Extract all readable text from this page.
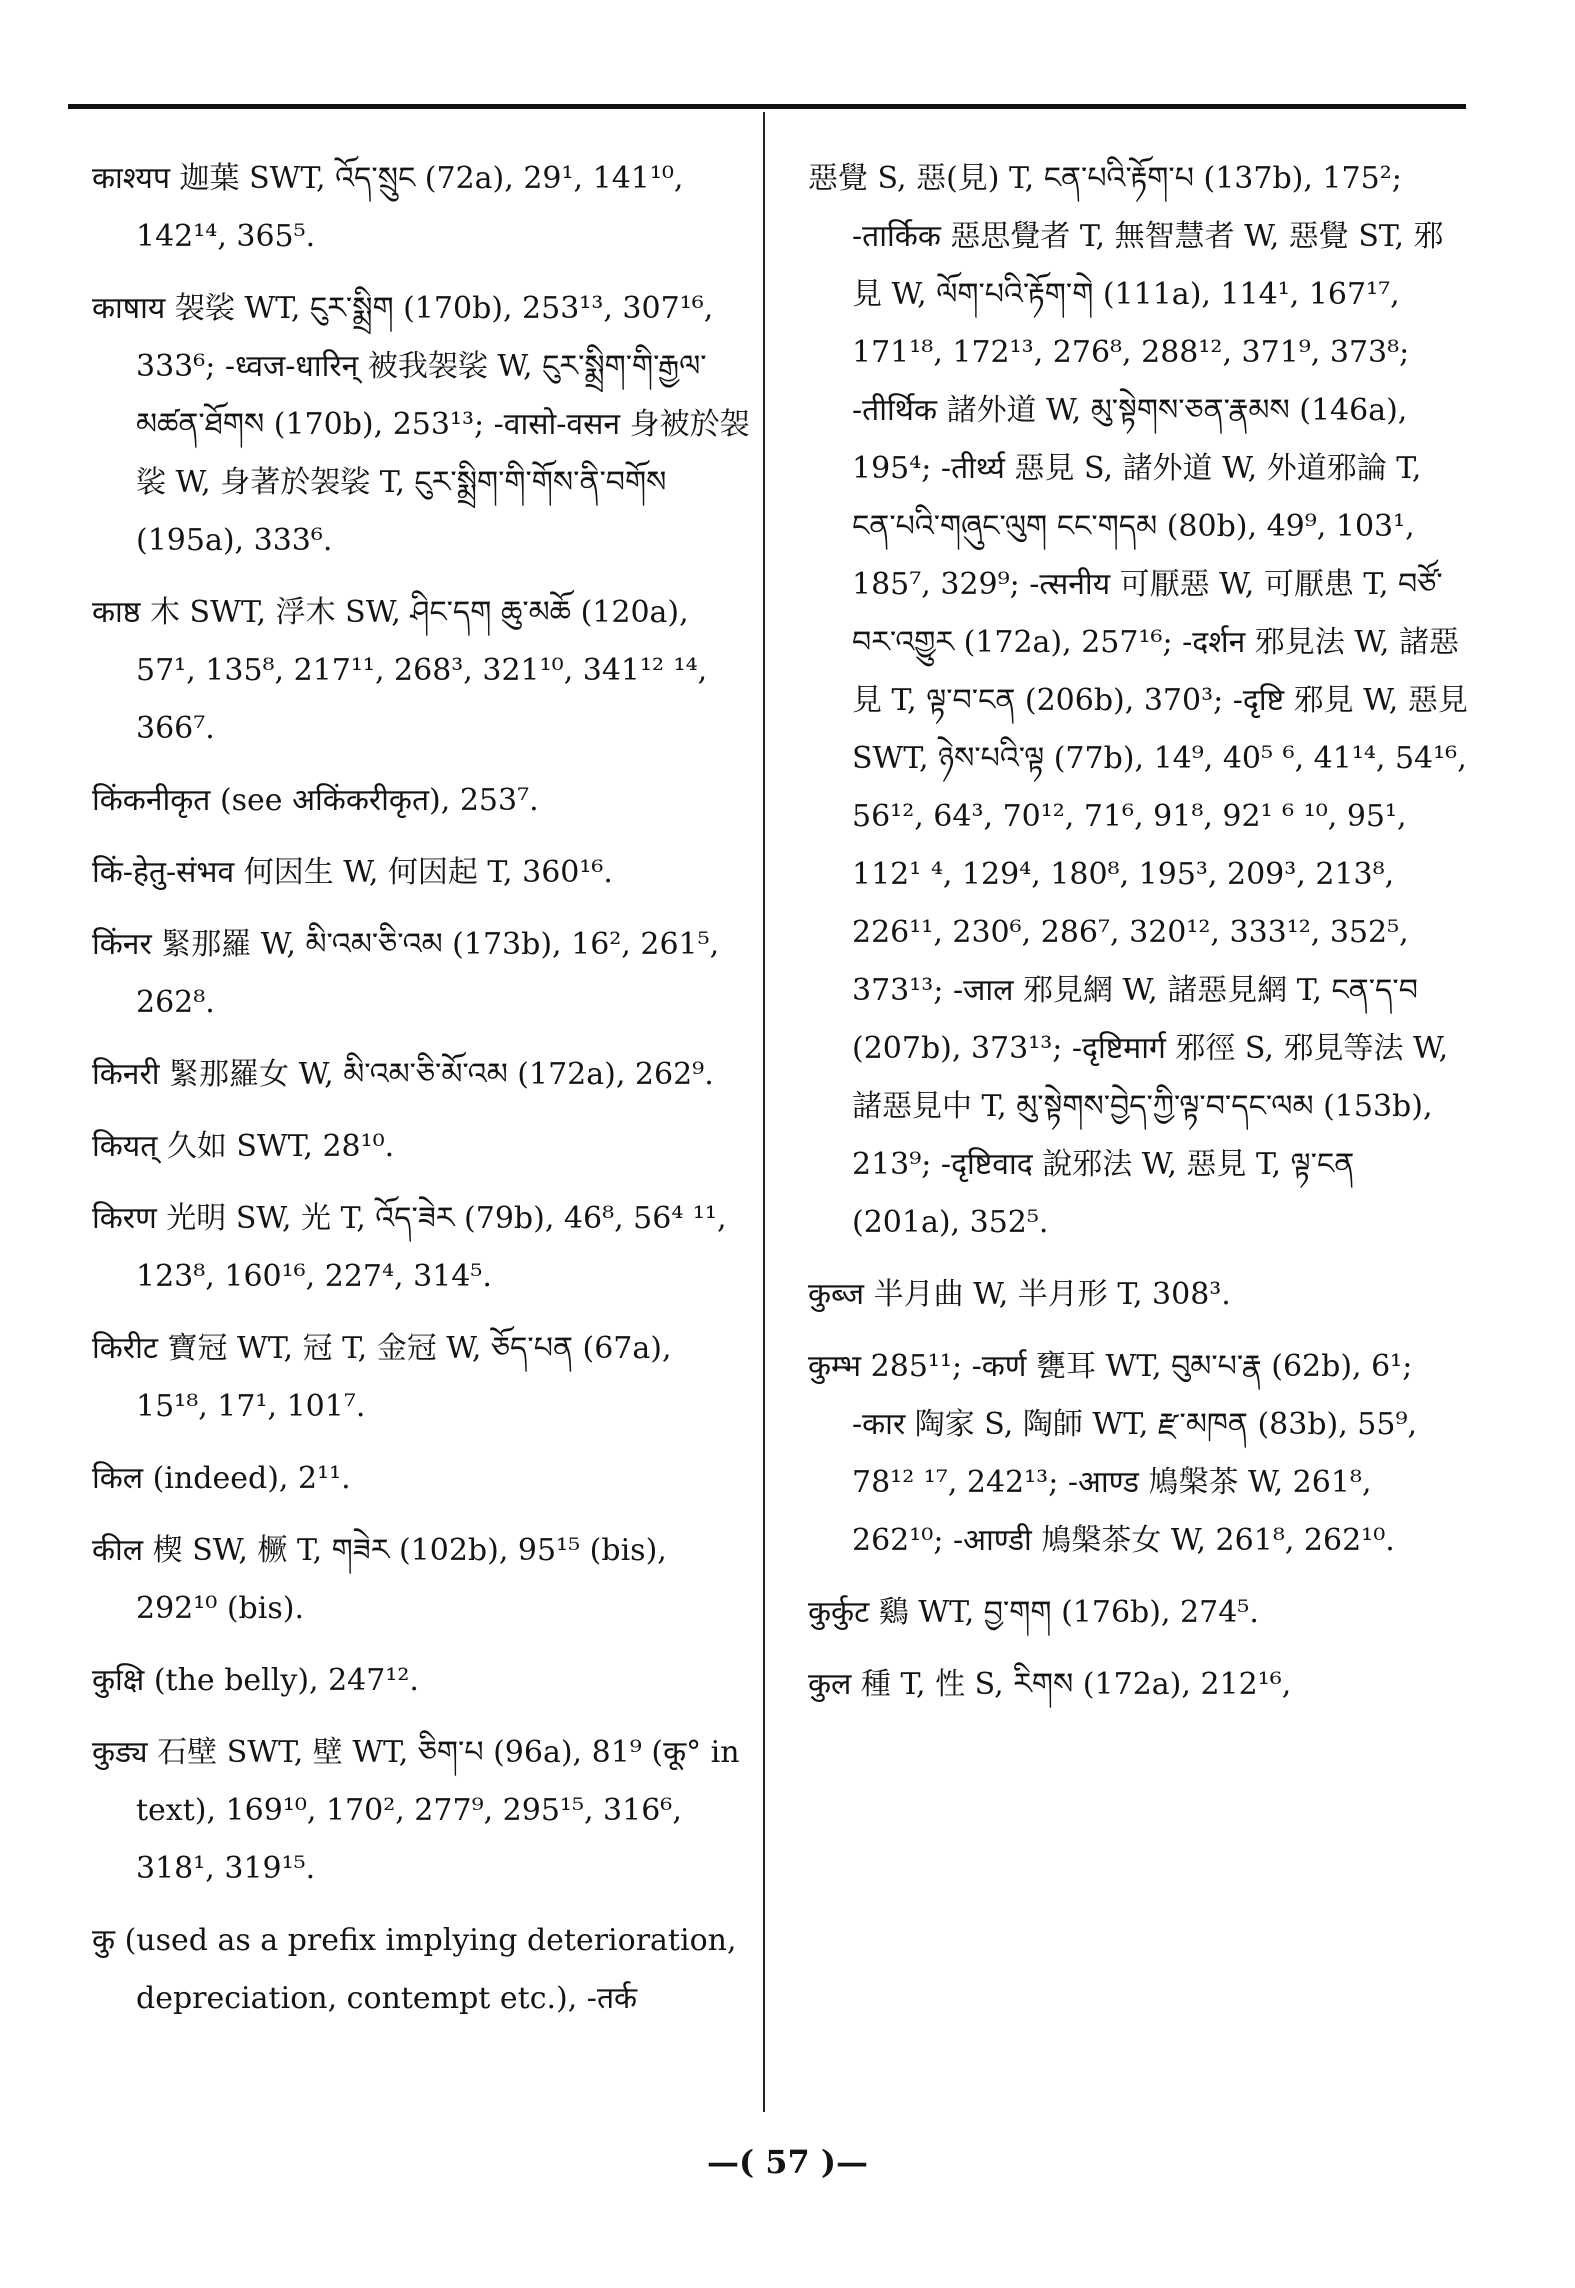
काश्यप 迦葉 SWT, འོད་སྲུང (72a), 29¹, 141¹⁰, 142¹⁴, 365⁵.

काषाय 袈裟 WT, ངུར་སྨྲིག (170b), 253¹³, 307¹⁶, 333⁶; -ध्वज-धारिन् 被我袈裟 W, ངུར་སྨྲིག་གི་རྒྱལ་མཚན་ཐོགས (170b), 253¹³; -वासो-वसन 身被於袈裟 W, 身著於袈裟 T, ངུར་སྨྲིག་གི་གོས་ནི་བགོས (195a), 333⁶.

काष्ठ 木 SWT, 浮木 SW, ཤིང་དག ཆུ་མཆོ (120a), 57¹, 135⁸, 217¹¹, 268³, 321¹⁰, 341¹² ¹⁴, 366⁷.

किंकनीकृत (see अकिंकरीकृत), 253⁷.

किं-हेतु-संभव 何因生 W, 何因起 T, 360¹⁶.

किंनर 緊那羅 W, མི་འམ་ཅི་འམ (173b), 16², 261⁵, 262⁸.

किनरी 緊那羅女 W, མི་འམ་ཅི་མོ་འམ (172a), 262⁹.

कियत् 久如 SWT, 28¹⁰.

किरण 光明 SW, 光 T, འོད་ཟེར (79b), 46⁸, 56⁴ ¹¹, 123⁸, 160¹⁶, 227⁴, 314⁵.

किरीट 寶冠 WT, 冠 T, 金冠 W, ཅོད་པན (67a), 15¹⁸, 17¹, 101⁷.

किल (indeed), 2¹¹.

कील 楔 SW, 橛 T, གཟེར (102b), 95¹⁵ (bis), 292¹⁰ (bis).

कुक्षि (the belly), 247¹².

कुड्य 石壁 SWT, 壁 WT, ཅིག་པ (96a), 81⁹ (कू° in text), 169¹⁰, 170², 277⁹, 295¹⁵, 316⁶, 318¹, 319¹⁵.

कु (used as a prefix implying deterioration, depreciation, contempt etc.), -तर्क

惡覺 S, 惡(見) T, ངན་པའི་རྟོག་པ (137b), 175²; -तार्किक 惡思覺者 T, 無智慧者 W, 惡覺 ST, 邪見 W, ལོག་པའི་རྟོག་གེ (111a), 114¹, 167¹⁷, 171¹⁸, 172¹³, 276⁸, 288¹², 371⁹, 373⁸; -तीर्थिक 諸外道 W, མུ་སྟེགས་ཅན་རྣམས (146a), 195⁴; -तीर्थ्य 惡見 S, 諸外道 W, 外道邪論 T, ངན་པའི་གཞུང་ལུག ངང་གདམ (80b), 49⁹, 103¹, 185⁷, 329⁹; -त्सनीय 可厭惡 W, 可厭患 T, བཙོ་བར་འགྱུར (172a), 257¹⁶; -दर्शन 邪見法 W, 諸惡見 T, ལྟ་བ་ངན (206b), 370³; -दृष्टि 邪見 W, 惡見 SWT, ཉེས་པའི་ལྟ (77b), 14⁹, 40⁵ ⁶, 41¹⁴, 54¹⁶, 56¹², 64³, 70¹², 71⁶, 91⁸, 92¹ ⁶ ¹⁰, 95¹, 112¹ ⁴, 129⁴, 180⁸, 195³, 209³, 213⁸, 226¹¹, 230⁶, 286⁷, 320¹², 333¹², 352⁵, 373¹³; -जाल 邪見網 W, 諸惡見網 T, ངན་ད་བ (207b), 373¹³; -दृष्टिमार्ग 邪徑 S, 邪見等法 W, 諸惡見中 T, མུ་སྟེགས་བྱེད་ཀྱི་ལྟ་བ་དང་ལམ (153b), 213⁹; -दृष्टिवाद 說邪法 W, 惡見 T, ལྟ་ངན (201a), 352⁵.

कुब्ज 半月曲 W, 半月形 T, 308³.

कुम्भ 285¹¹; -कर्ण 甕耳 WT, བུམ་པ་རྣ (62b), 6¹; -कार 陶家 S, 陶師 WT, རྫ་མཁན (83b), 55⁹, 78¹² ¹⁷, 242¹³; -आण्ड 鳩槃茶 W, 261⁸, 262¹⁰; -आण्डी 鳩槃茶女 W, 261⁸, 262¹⁰.

कुर्कुट 鷄 WT, བྱ་གག (176b), 274⁵.

कुल 種 T, 性 S, རིགས (172a), 212¹⁶,

—( 57 )—
